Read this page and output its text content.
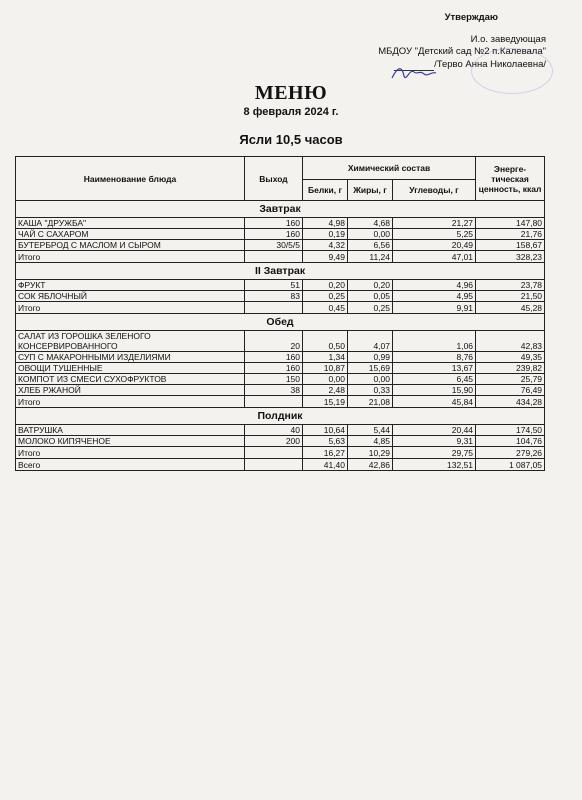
Утверждаю
И.о. заведующая
МБДОУ "Детский сад №2 п.Калевала"
/Терво Анна Николаевна/
МЕНЮ
8 февраля 2024 г.
Ясли 10,5 часов
Наименование блюда	Выход	Химический состав			Энерге-тическая ценность, ккал
		Белки, г	Жиры, г	Углеводы, г	
Завтрак					
КАША "ДРУЖБА"	160	4,98	4,68	21,27	147,80
ЧАЙ С САХАРОМ	160	0,19	0,00	5,25	21,76
БУТЕРБРОД С МАСЛОМ И СЫРОМ	30/5/5	4,32	6,56	20,49	158,67
Итого		9,49	11,24	47,01	328,23
II Завтрак					
ФРУКТ	51	0,20	0,20	4,96	23,78
СОК ЯБЛОЧНЫЙ	83	0,25	0,05	4,95	21,50
Итого		0,45	0,25	9,91	45,28
Обед					
САЛАТ ИЗ ГОРОШКА ЗЕЛЕНОГО КОНСЕРВИРОВАННОГО	20	0,50	4,07	1,06	42,83
СУП С МАКАРОННЫМИ ИЗДЕЛИЯМИ	160	1,34	0,99	8,76	49,35
ОВОЩИ ТУШЕННЫЕ	160	10,87	15,69	13,67	239,82
КОМПОТ ИЗ СМЕСИ СУХОФРУКТОВ	150	0,00	0,00	6,45	25,79
ХЛЕБ РЖАНОЙ	38	2,48	0,33	15,90	76,49
Итого		15,19	21,08	45,84	434,28
Полдник					
ВАТРУШКА	40	10,64	5,44	20,44	174,50
МОЛОКО КИПЯЧЕНОЕ	200	5,63	4,85	9,31	104,76
Итого		16,27	10,29	29,75	279,26
Всего		41,40	42,86	132,51	1 087,05
